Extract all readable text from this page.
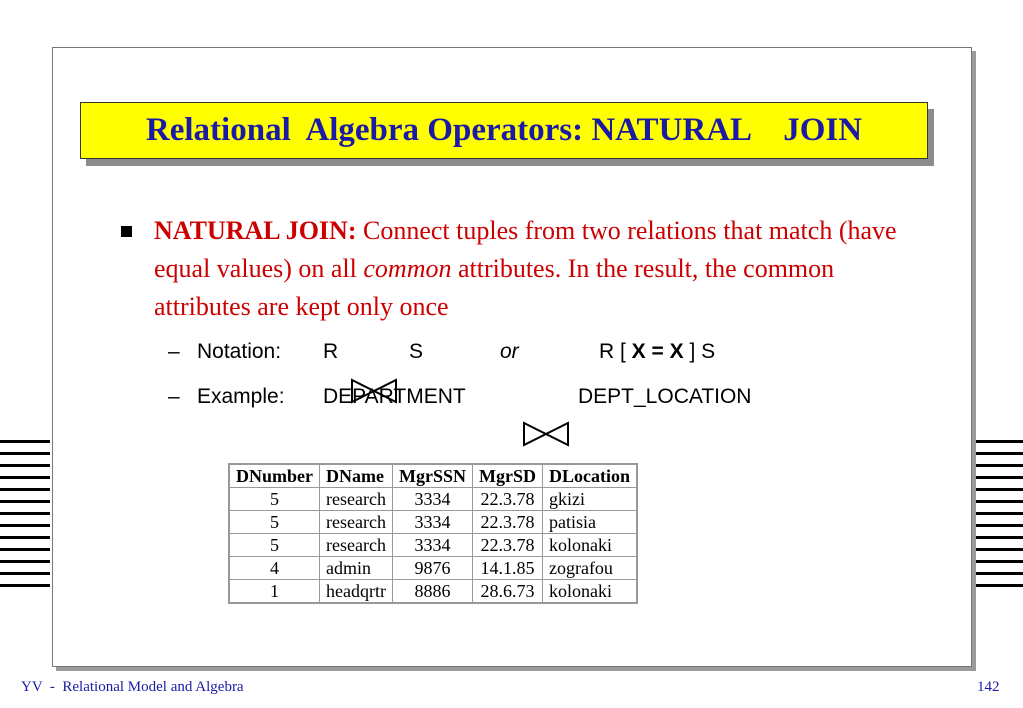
Relational  Algebra Operators: NATURAL    JOIN
NATURAL JOIN: Connect tuples from two relations that match (have equal values) on all common attributes. In the result, the common attributes are kept only once
– Notation: R	S	or	R [ X = X ] S
– Example: DEPARTMENT	DEPT_LOCATION
DNumber	DName	MgrSSN	MgrSD	DLocation
5	research	3334	22.3.78	gkizi
5	research	3334	22.3.78	patisia
5	research	3334	22.3.78	kolonaki
4	admin	9876	14.1.85	zografou
1	headqrtr	8886	28.6.73	kolonaki
YV  -  Relational Model and Algebra	142
